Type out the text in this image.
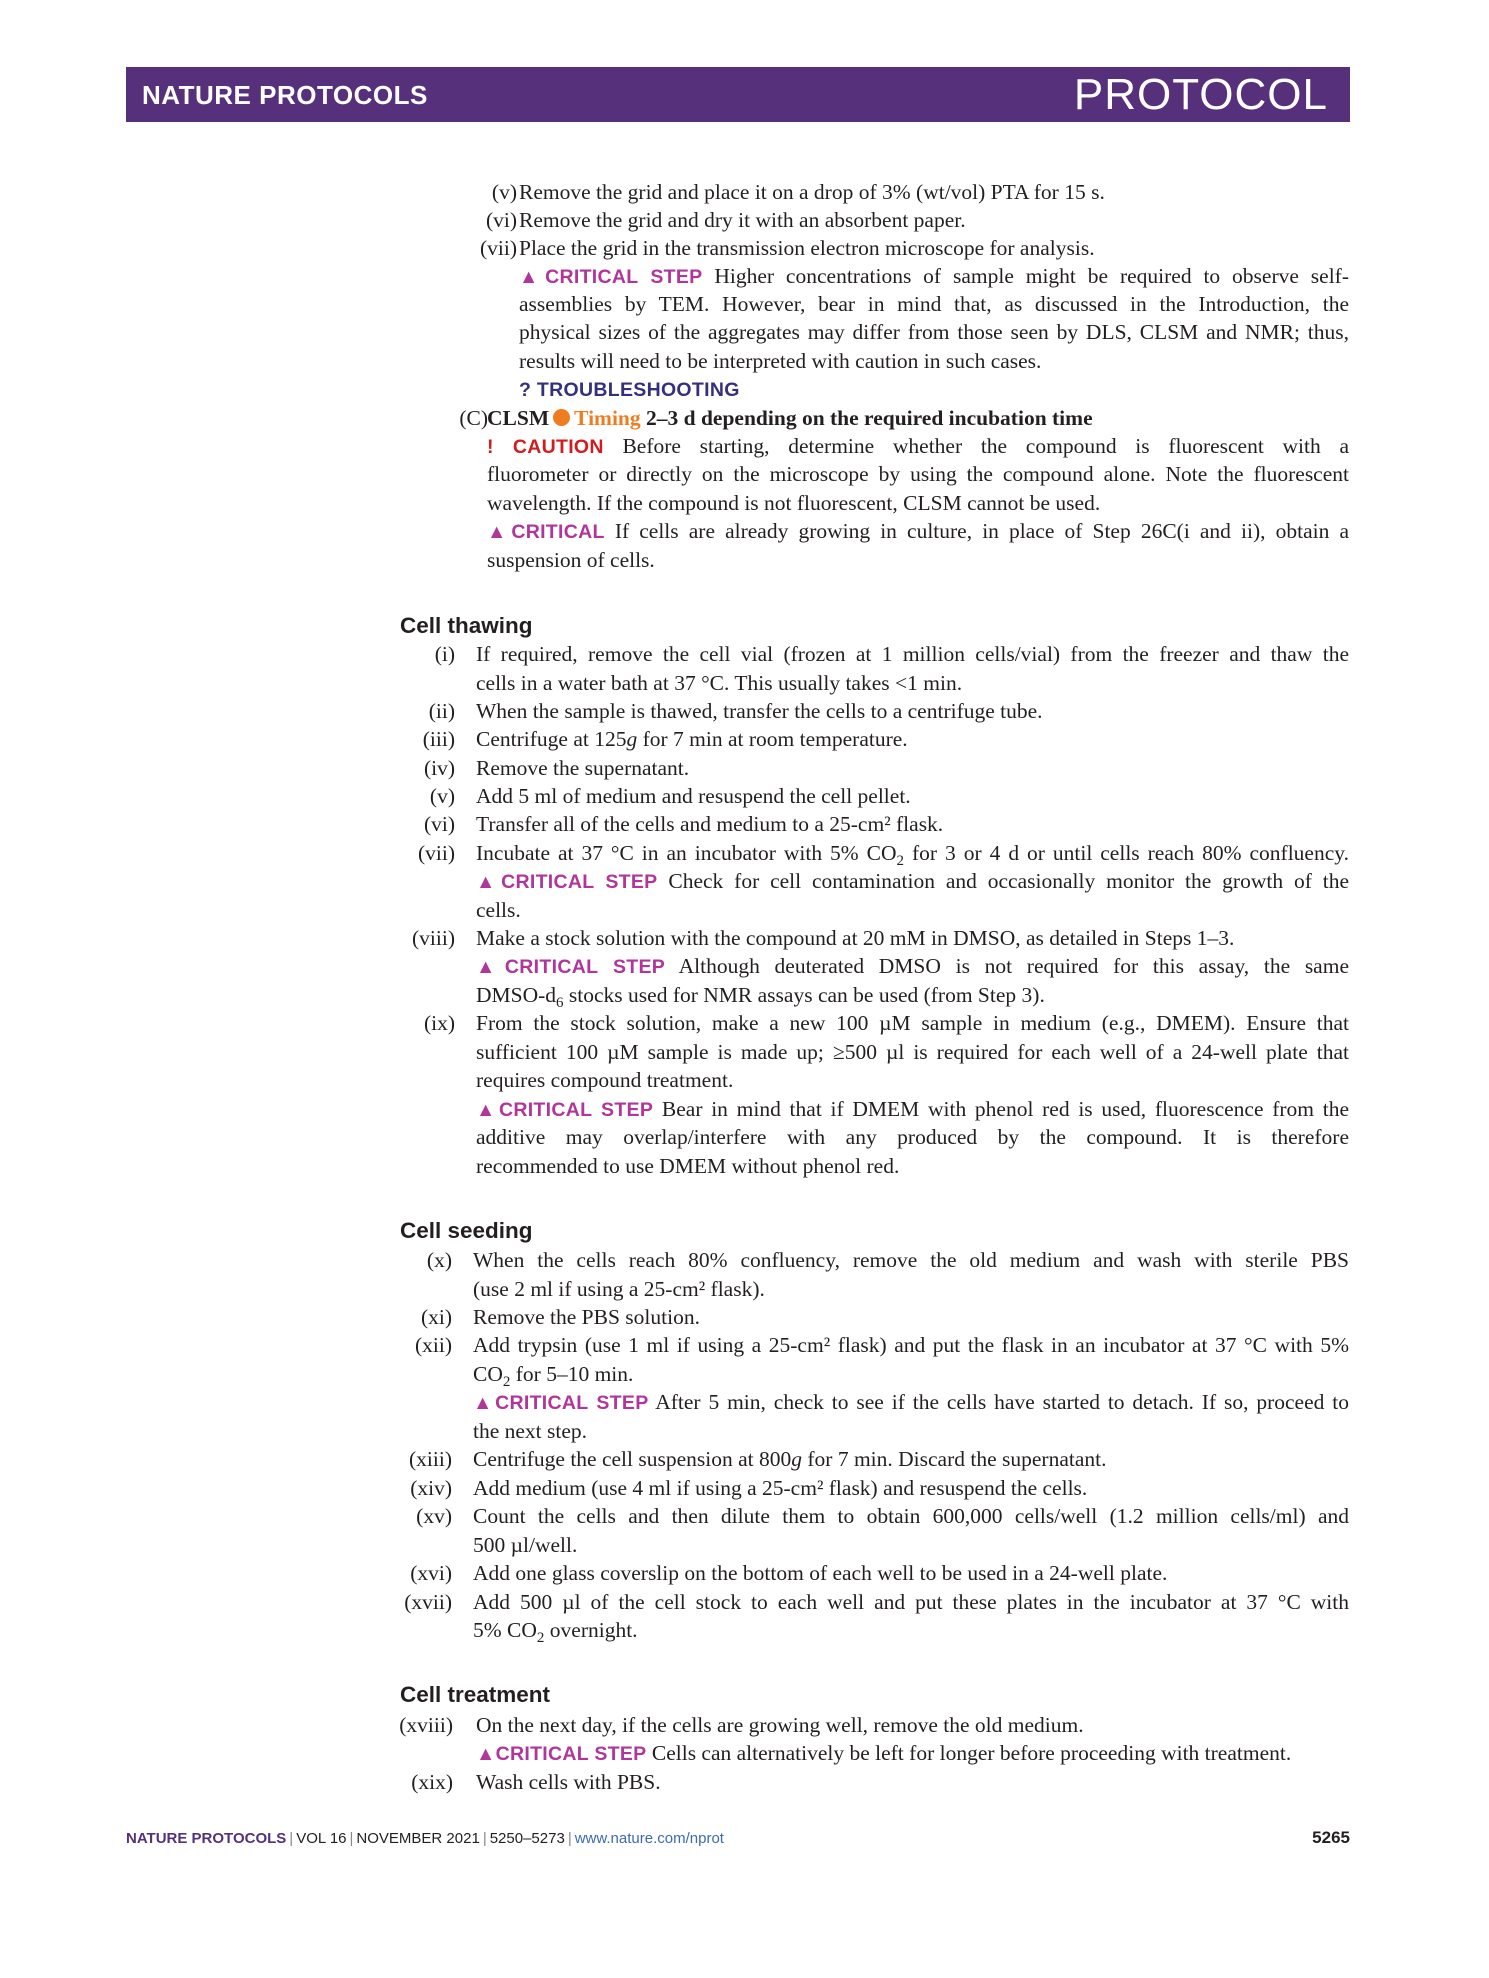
NATURE PROTOCOLS	PROTOCOL
(v) Remove the grid and place it on a drop of 3% (wt/vol) PTA for 15 s.
(vi) Remove the grid and dry it with an absorbent paper.
(vii) Place the grid in the transmission electron microscope for analysis.
▲CRITICAL STEP Higher concentrations of sample might be required to observe self-
assemblies by TEM. However, bear in mind that, as discussed in the Introduction, the
physical sizes of the aggregates may differ from those seen by DLS, CLSM and NMR; thus,
results will need to be interpreted with caution in such cases.
? TROUBLESHOOTING
(C) CLSM Timing 2–3 d depending on the required incubation time
! CAUTION Before starting, determine whether the compound is fluorescent with a
fluorometer or directly on the microscope by using the compound alone. Note the fluorescent
wavelength. If the compound is not fluorescent, CLSM cannot be used.
▲CRITICAL If cells are already growing in culture, in place of Step 26C(i and ii), obtain a
suspension of cells.
Cell thawing
(i) If required, remove the cell vial (frozen at 1 million cells/vial) from the freezer and thaw the
cells in a water bath at 37 °C. This usually takes <1 min.
(ii) When the sample is thawed, transfer the cells to a centrifuge tube.
(iii) Centrifuge at 125g for 7 min at room temperature.
(iv) Remove the supernatant.
(v) Add 5 ml of medium and resuspend the cell pellet.
(vi) Transfer all of the cells and medium to a 25-cm² flask.
(vii) Incubate at 37 °C in an incubator with 5% $CO_2$ for 3 or 4 d or until cells reach 80% confluency.
▲CRITICAL STEP Check for cell contamination and occasionally monitor the growth of the
cells.
(viii) Make a stock solution with the compound at 20 mM in DMSO, as detailed in Steps 1–3.
▲CRITICAL STEP Although deuterated DMSO is not required for this assay, the same
DMSO-$d_6$ stocks used for NMR assays can be used (from Step 3).
(ix) From the stock solution, make a new 100 µM sample in medium (e.g., DMEM). Ensure that
sufficient 100 µM sample is made up; ≥500 µl is required for each well of a 24-well plate that
requires compound treatment.
▲CRITICAL STEP Bear in mind that if DMEM with phenol red is used, fluorescence from the
additive may overlap/interfere with any produced by the compound. It is therefore
recommended to use DMEM without phenol red.
Cell seeding
(x) When the cells reach 80% confluency, remove the old medium and wash with sterile PBS
(use 2 ml if using a 25-cm² flask).
(xi) Remove the PBS solution.
(xii) Add trypsin (use 1 ml if using a 25-cm² flask) and put the flask in an incubator at 37 °C with 5%
$CO_2$ for 5–10 min.
▲CRITICAL STEP After 5 min, check to see if the cells have started to detach. If so, proceed to
the next step.
(xiii) Centrifuge the cell suspension at 800g for 7 min. Discard the supernatant.
(xiv) Add medium (use 4 ml if using a 25-cm² flask) and resuspend the cells.
(xv) Count the cells and then dilute them to obtain 600,000 cells/well (1.2 million cells/ml) and
500 µl/well.
(xvi) Add one glass coverslip on the bottom of each well to be used in a 24-well plate.
(xvii) Add 500 µl of the cell stock to each well and put these plates in the incubator at 37 °C with
5% $CO_2$ overnight.
Cell treatment
(xviii) On the next day, if the cells are growing well, remove the old medium.
▲CRITICAL STEP Cells can alternatively be left for longer before proceeding with treatment.
(xix) Wash cells with PBS.
NATURE PROTOCOLS | VOL 16 | NOVEMBER 2021 | 5250–5273 | www.nature.com/nprot	5265
